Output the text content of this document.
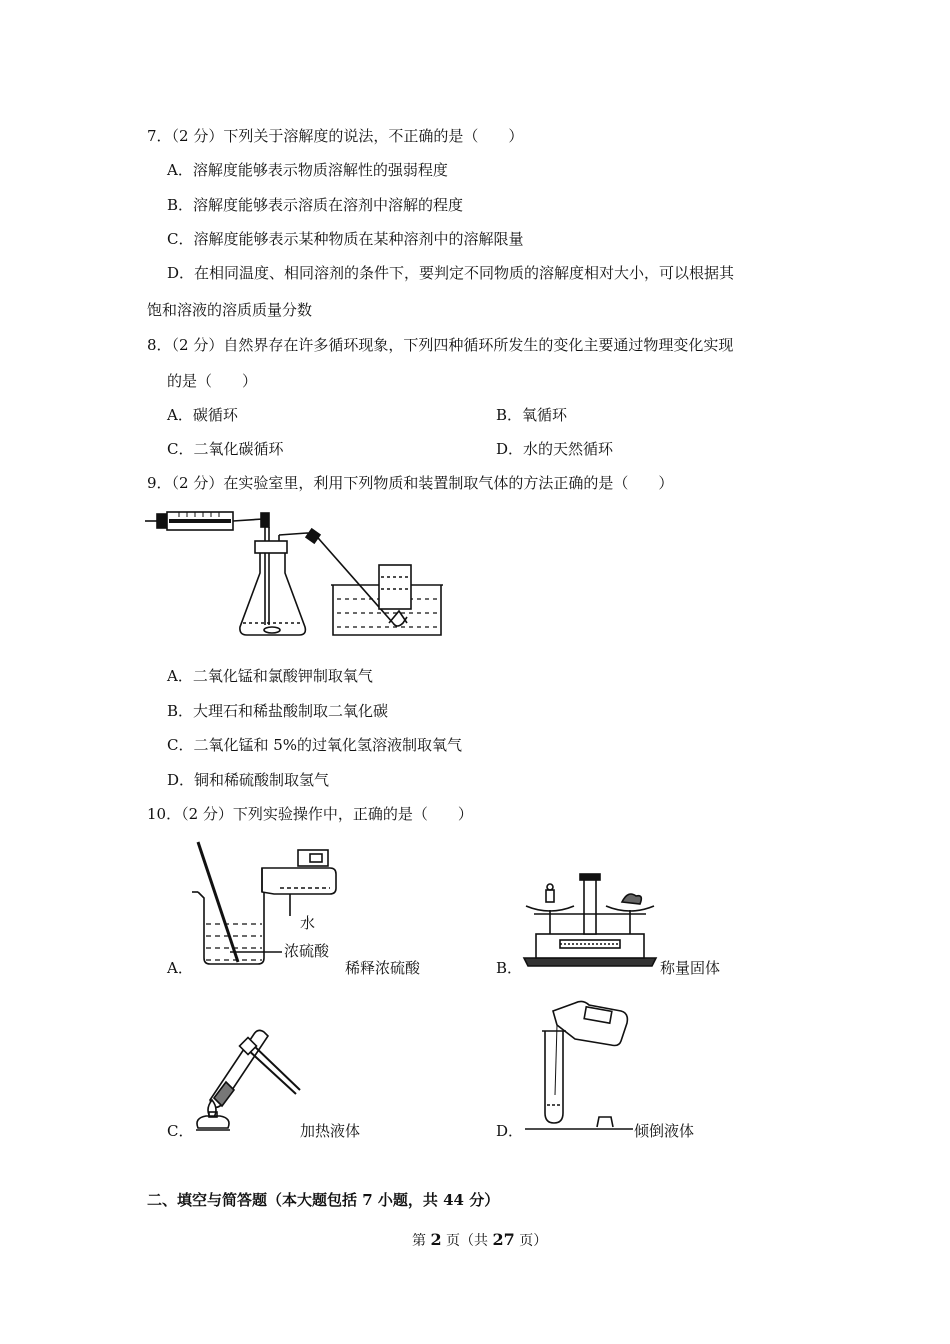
7．（2 分）下列关于溶解度的说法，不正确的是（　　）
A．溶解度能够表示物质溶解性的强弱程度
B．溶解度能够表示溶质在溶剂中溶解的程度
C．溶解度能够表示某种物质在某种溶剂中的溶解限量
D．在相同温度、相同溶剂的条件下，要判定不同物质的溶解度相对大小，可以根据其
饱和溶液的溶质质量分数
8．（2 分）自然界存在许多循环现象，下列四种循环所发生的变化主要通过物理变化实现
的是（　　）
A．碳循环	B．氧循环
C．二氧化碳循环	D．水的天然循环
9．（2 分）在实验室里，利用下列物质和装置制取气体的方法正确的是（　　）
A．二氧化锰和氯酸钾制取氧气
B．大理石和稀盐酸制取二氧化碳
C．二氧化锰和 5%的过氧化氢溶液制取氧气
D．铜和稀硫酸制取氢气
10．（2 分）下列实验操作中，正确的是（　　）
水
浓硫酸
A．	稀释浓硫酸	B．	称量固体
C．	加热液体	D．	倾倒液体
二、填空与简答题（本大题包括 7 小题，共 44 分）
第 2 页（共 27 页）
